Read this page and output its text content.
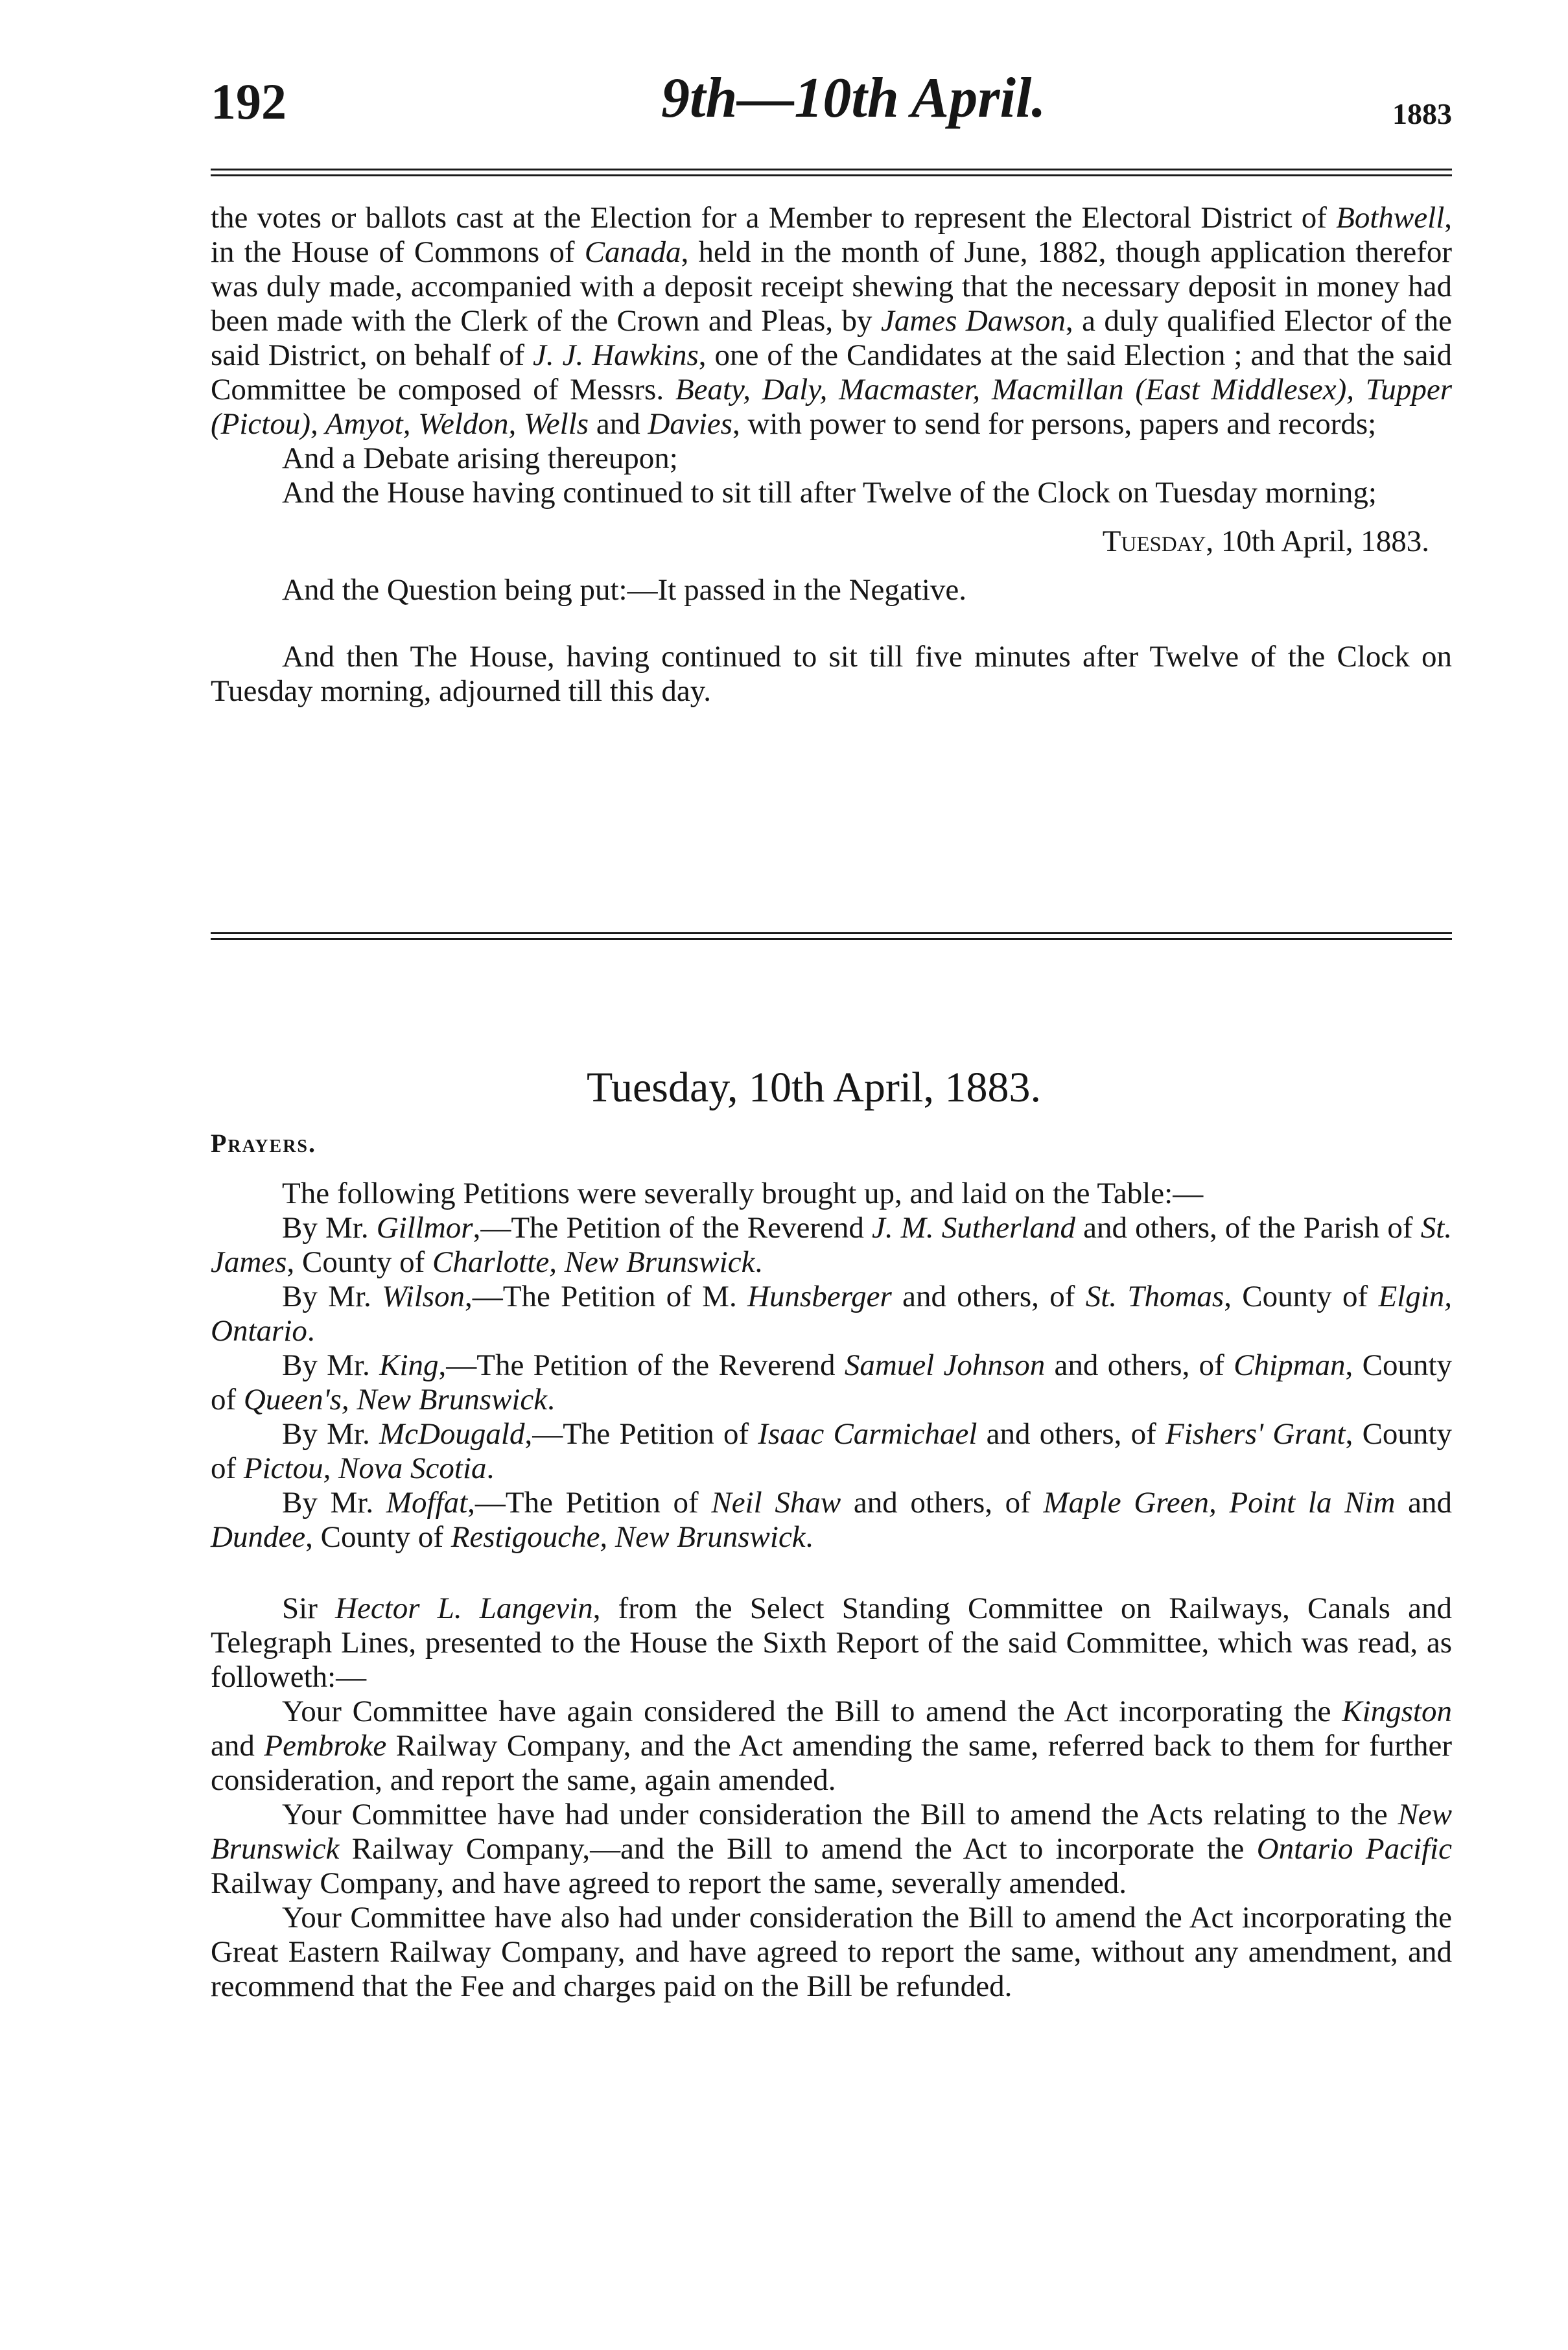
192	9th—10th April.	1883

the votes or ballots cast at the Election for a Member to represent the Electoral District of Bothwell, in the House of Commons of Canada, held in the month of June, 1882, though application therefor was duly made, accompanied with a deposit receipt shewing that the necessary deposit in money had been made with the Clerk of the Crown and Pleas, by James Dawson, a duly qualified Elector of the said District, on behalf of J. J. Hawkins, one of the Candidates at the said Election ; and that the said Committee be composed of Messrs. Beaty, Daly, Macmaster, Macmillan (East Middlesex), Tupper (Pictou), Amyot, Weldon, Wells and Davies, with power to send for persons, papers and records;

And a Debate arising thereupon;

And the House having continued to sit till after Twelve of the Clock on Tuesday morning;

Tuesday, 10th April, 1883.

And the Question being put:—It passed in the Negative.

And then The House, having continued to sit till five minutes after Twelve of the Clock on Tuesday morning, adjourned till this day.

Tuesday, 10th April, 1883.
Prayers.

The following Petitions were severally brought up, and laid on the Table:—

By Mr. Gillmor,—The Petition of the Reverend J. M. Sutherland and others, of the Parish of St. James, County of Charlotte, New Brunswick.

By Mr. Wilson,—The Petition of M. Hunsberger and others, of St. Thomas, County of Elgin, Ontario.

By Mr. King,—The Petition of the Reverend Samuel Johnson and others, of Chipman, County of Queen's, New Brunswick.

By Mr. McDougald,—The Petition of Isaac Carmichael and others, of Fishers' Grant, County of Pictou, Nova Scotia.

By Mr. Moffat,—The Petition of Neil Shaw and others, of Maple Green, Point la Nim and Dundee, County of Restigouche, New Brunswick.

Sir Hector L. Langevin, from the Select Standing Committee on Railways, Canals and Telegraph Lines, presented to the House the Sixth Report of the said Committee, which was read, as followeth:—

Your Committee have again considered the Bill to amend the Act incorporating the Kingston and Pembroke Railway Company, and the Act amending the same, referred back to them for further consideration, and report the same, again amended.

Your Committee have had under consideration the Bill to amend the Acts relating to the New Brunswick Railway Company,—and the Bill to amend the Act to incorporate the Ontario Pacific Railway Company, and have agreed to report the same, severally amended.

Your Committee have also had under consideration the Bill to amend the Act incorporating the Great Eastern Railway Company, and have agreed to report the same, without any amendment, and recommend that the Fee and charges paid on the Bill be refunded.
